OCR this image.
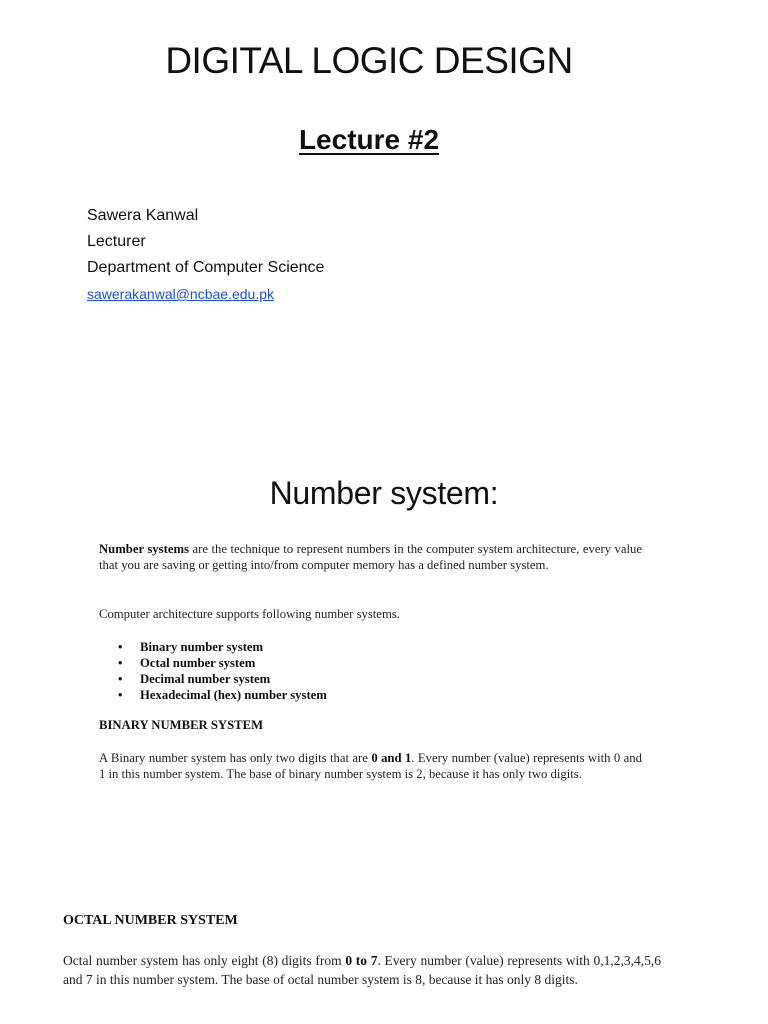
DIGITAL LOGIC DESIGN
Lecture #2
Sawera Kanwal
Lecturer
Department of Computer Science
sawerakanwal@ncbae.edu.pk
Number system:
Number systems are the technique to represent numbers in the computer system architecture, every value that you are saving or getting into/from computer memory has a defined number system.
Computer architecture supports following number systems.
• Binary number system
• Octal number system
• Decimal number system
• Hexadecimal (hex) number system
BINARY NUMBER SYSTEM
A Binary number system has only two digits that are 0 and 1. Every number (value) represents with 0 and 1 in this number system. The base of binary number system is 2, because it has only two digits.
OCTAL NUMBER SYSTEM
Octal number system has only eight (8) digits from 0 to 7. Every number (value) represents with 0,1,2,3,4,5,6 and 7 in this number system. The base of octal number system is 8, because it has only 8 digits.
